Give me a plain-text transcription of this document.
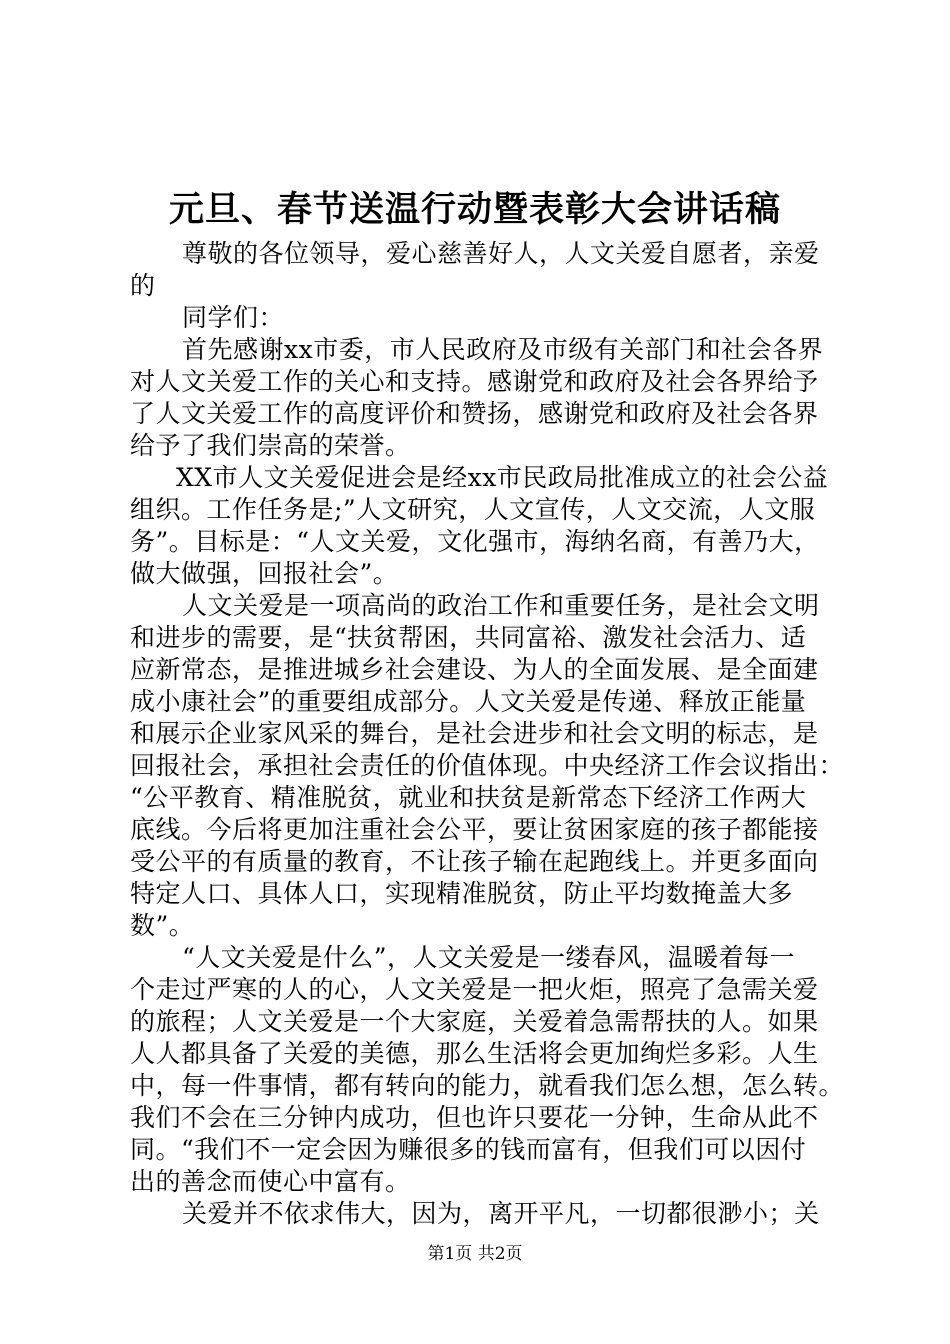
元旦、春节送温行动暨表彰大会讲话稿
尊敬的各位领导，爱心慈善好人，人文关爱自愿者，亲爱
的
同学们：
首先感谢xx市委，市人民政府及市级有关部门和社会各界
对人文关爱工作的关心和支持。感谢党和政府及社会各界给予
了人文关爱工作的高度评价和赞扬，感谢党和政府及社会各界
给予了我们崇高的荣誉。
XX市人文关爱促进会是经xx市民政局批准成立的社会公益
组织。工作任务是;”人文研究，人文宣传，人文交流，人文服
务”。目标是：“人文关爱，文化强市，海纳名商，有善乃大，
做大做强，回报社会”。
人文关爱是一项高尚的政治工作和重要任务，是社会文明
和进步的需要，是“扶贫帮困，共同富裕、激发社会活力、适
应新常态，是推进城乡社会建设、为人的全面发展、是全面建
成小康社会”的重要组成部分。人文关爱是传递、释放正能量
和展示企业家风采的舞台，是社会进步和社会文明的标志，是
回报社会，承担社会责任的价值体现。中央经济工作会议指出：
“公平教育、精准脱贫，就业和扶贫是新常态下经济工作两大
底线。今后将更加注重社会公平，要让贫困家庭的孩子都能接
受公平的有质量的教育，不让孩子输在起跑线上。并更多面向
特定人口、具体人口，实现精准脱贫，防止平均数掩盖大多
数”。
“人文关爱是什么”，人文关爱是一缕春风，温暖着每一
个走过严寒的人的心，人文关爱是一把火炬，照亮了急需关爱
的旅程；人文关爱是一个大家庭，关爱着急需帮扶的人。如果
人人都具备了关爱的美德，那么生活将会更加绚烂多彩。人生
中，每一件事情，都有转向的能力，就看我们怎么想，怎么转。
我们不会在三分钟内成功，但也许只要花一分钟，生命从此不
同。“我们不一定会因为赚很多的钱而富有，但我们可以因付
出的善念而使心中富有。
关爱并不依求伟大，因为，离开平凡，一切都很渺小；关
第1页 共2页
